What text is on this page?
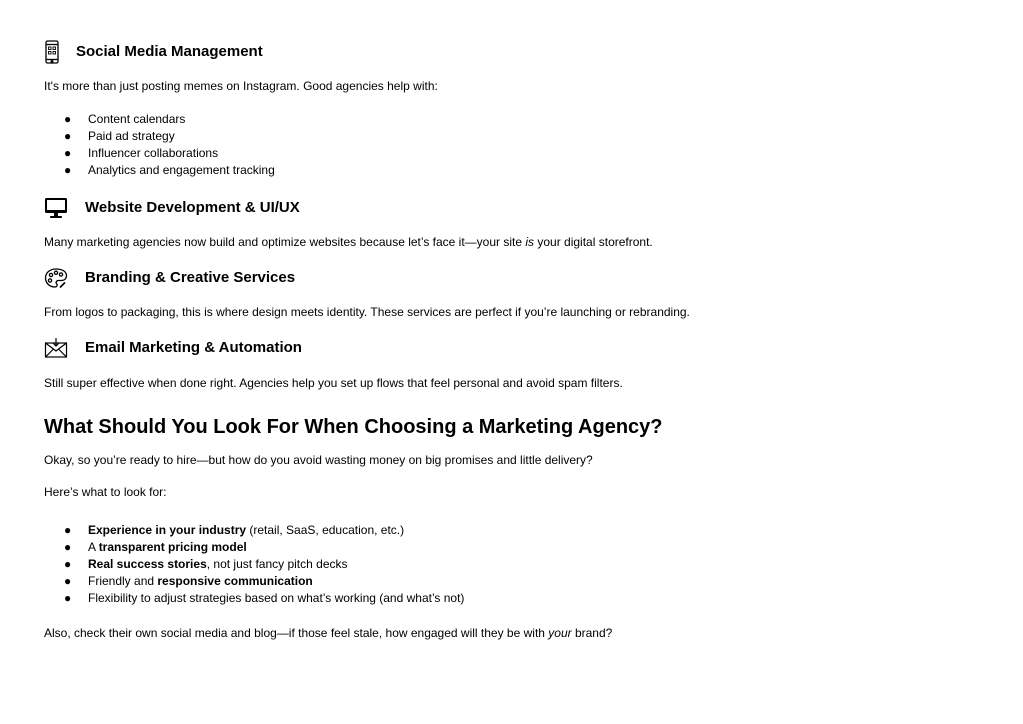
Social Media Management

It's more than just posting memes on Instagram. Good agencies help with:

● Content calendars
● Paid ad strategy
● Influencer collaborations
● Analytics and engagement tracking
Website Development & UI/UX

Many marketing agencies now build and optimize websites because let’s face it—your site is your digital storefront.

Branding & Creative Services

From logos to packaging, this is where design meets identity. These services are perfect if you’re launching or rebranding.

Email Marketing & Automation

Still super effective when done right. Agencies help you set up flows that feel personal and avoid spam filters.

What Should You Look For When Choosing a Marketing Agency?

Okay, so you’re ready to hire—but how do you avoid wasting money on big promises and little delivery?

Here’s what to look for:

● Experience in your industry (retail, SaaS, education, etc.)
● A transparent pricing model
● Real success stories, not just fancy pitch decks
● Friendly and responsive communication
● Flexibility to adjust strategies based on what’s working (and what’s not)

Also, check their own social media and blog—if those feel stale, how engaged will they be with your brand?
